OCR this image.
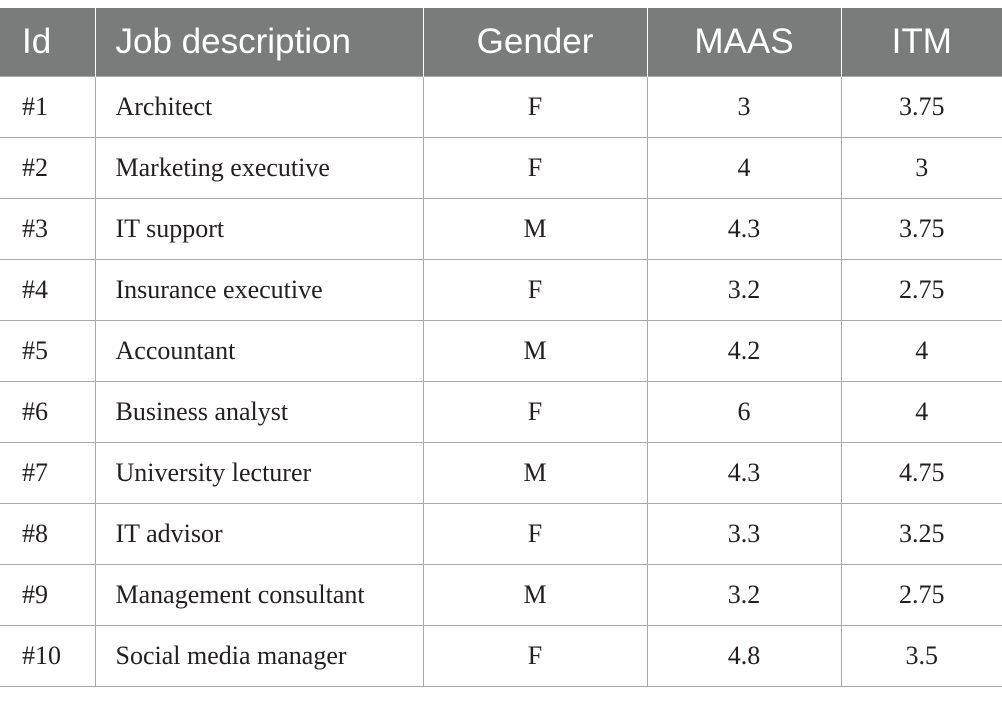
Id	Job description	Gender	MAAS	ITM
#1	Architect	F	3	3.75
#2	Marketing executive	F	4	3
#3	IT support	M	4.3	3.75
#4	Insurance executive	F	3.2	2.75
#5	Accountant	M	4.2	4
#6	Business analyst	F	6	4
#7	University lecturer	M	4.3	4.75
#8	IT advisor	F	3.3	3.25
#9	Management consultant	M	3.2	2.75
#10	Social media manager	F	4.8	3.5
